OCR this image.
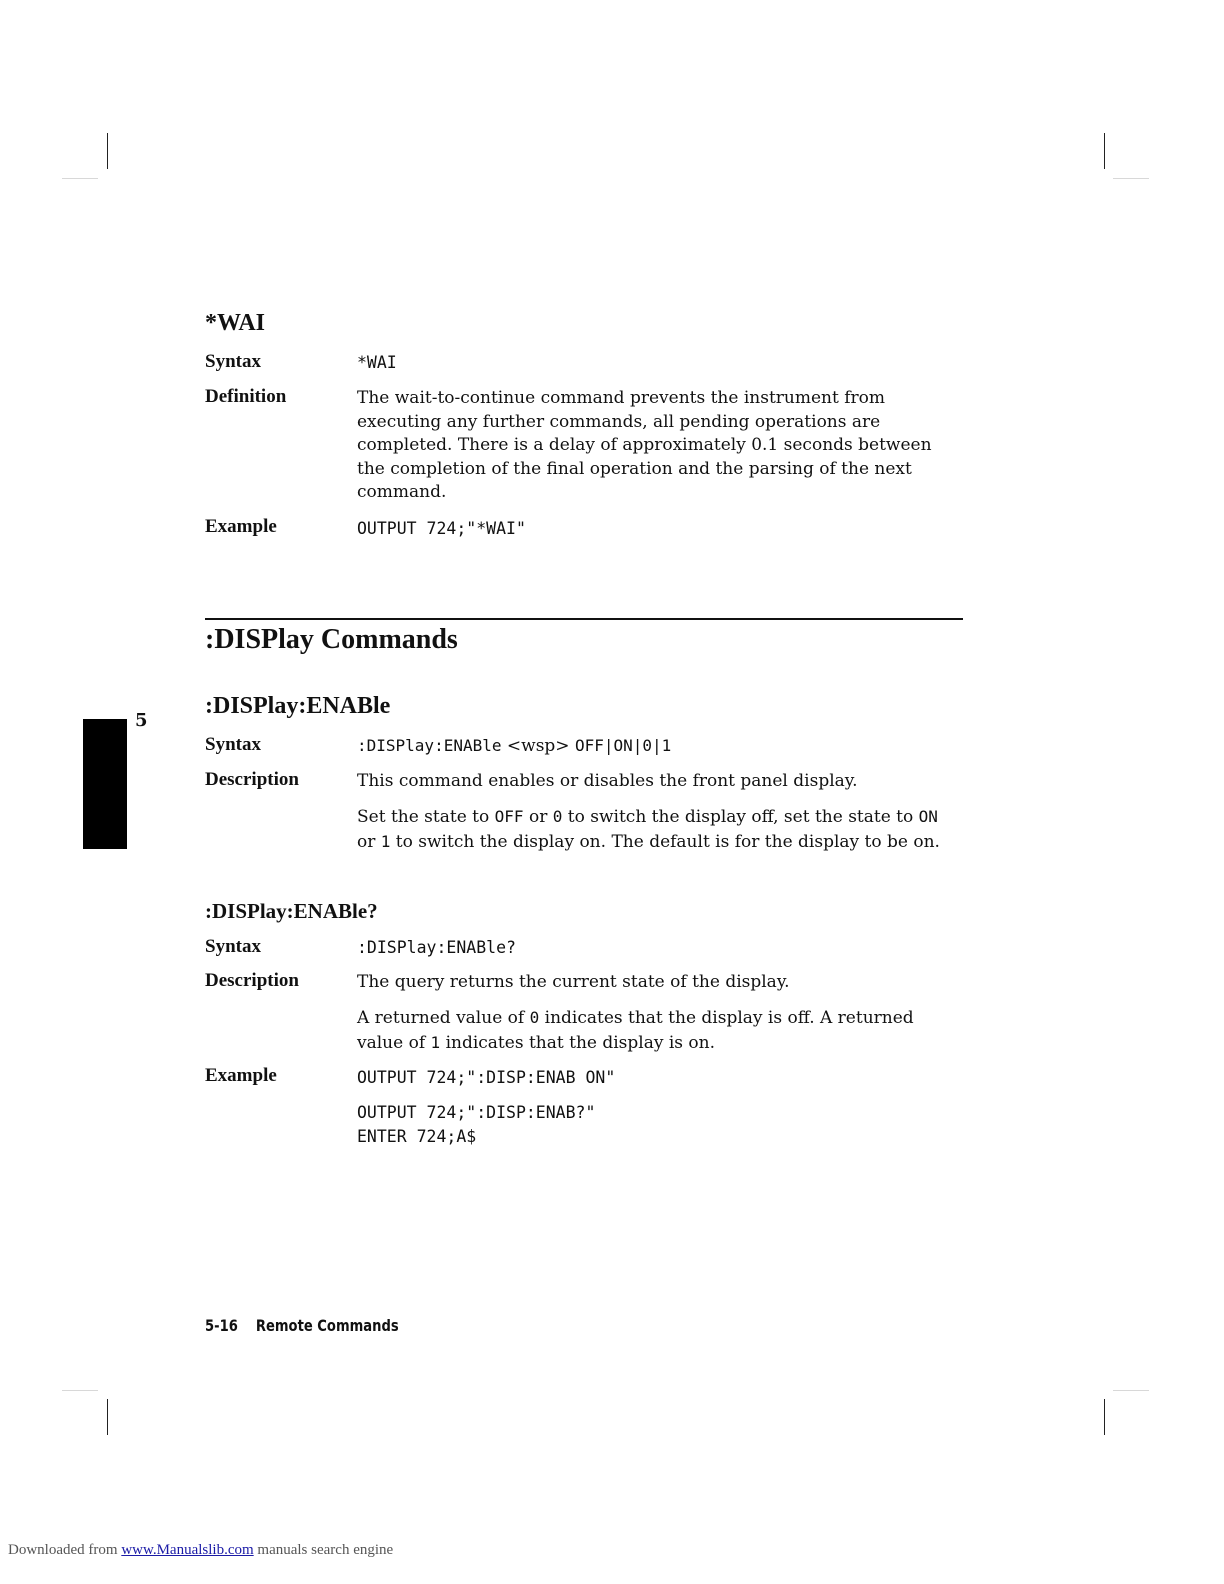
*WAI
Syntax	*WAI
Definition	The wait-to-continue command prevents the instrument from executing any further commands, all pending operations are completed. There is a delay of approximately 0.1 seconds between the completion of the final operation and the parsing of the next command.
Example	OUTPUT 724;"*WAI"
:DISPlay Commands
5
:DISPlay:ENABle
Syntax	:DISPlay:ENABle <wsp> OFF|ON|0|1
Description	This command enables or disables the front panel display.
Set the state to OFF or 0 to switch the display off, set the state to ON or 1 to switch the display on. The default is for the display to be on.
:DISPlay:ENABle?
Syntax	:DISPlay:ENABle?
Description	The query returns the current state of the display.
A returned value of 0 indicates that the display is off. A returned value of 1 indicates that the display is on.
Example	OUTPUT 724;":DISP:ENAB ON"
OUTPUT 724;":DISP:ENAB?"
ENTER 724;A$
5-16 Remote Commands
Downloaded from www.Manualslib.com manuals search engine
